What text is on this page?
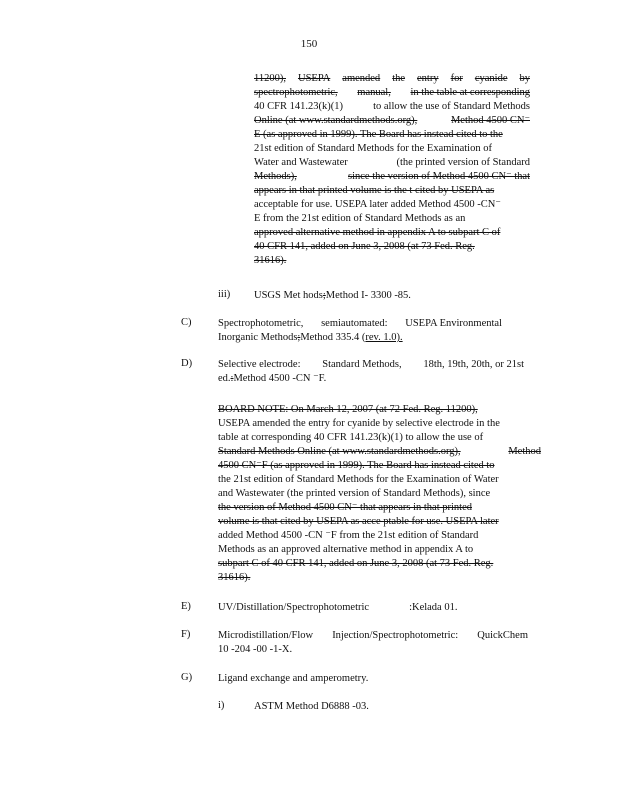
150
11200), USEPA amended the entry for cyanide by
spectrophotometric, manual, in the table at corresponding
40 CFR 141.23(k)(1)	to allow the use of Standard Methods
Online (at www.standardmethods.org),	Method 4500 CN⁻
E (as approved in 1999). The Board has instead cited to the
21st edition of Standard Methods for the Examination of
Water and Wastewater	(the printed version of Standard
Methods),	since the version of Method 4500 CN⁻ that
appears in that printed volume is the t cited by USEPA as
acceptable for use. USEPA later added Method 4500 -CN⁻
E from the 21st edition of Standard Methods as an
approved alternative method in appendix A to subpart C of
40 CFR 141, added on June 3, 2008 (at 73 Fed. Reg.
31616).
iii) USGS Met hods ; Method I- 3300 -85.
C)	Spectrophotometric, semiautomated: USEPA Environmental
Inorganic Methods ; Method 335.4 ( rev. 1.0) .
D) Selective electrode: Standard Methods, 18th, 19th, 20th, or 21st
ed. : Method 4500 -CN ⁻F.
BOARD NOTE: On March 12, 2007 (at 72 Fed. Reg. 11200),
USEPA amended the entry for cyanide by selective electrode in the
table at corresponding 40 CFR 141.23(k)(1) to allow the use of
Standard Methods Online (at www.standardmethods.org),	Method
4500 CN⁻F (as approved in 1999). The Board has instead cited to
the 21st edition of Standard Methods for the Examination of Water
and Wastewater (the printed version of Standard Methods), since
the version of Method 4500 CN⁻ that appears in that printed
volume is that cited by USEPA as acce ptable for use. USEPA later
added Method 4500 -CN ⁻F from the 21st edition of Standard
Methods as an approved alternative method in appendix A to
subpart C of 40 CFR 141, added on June 3, 2008 (at 73 Fed. Reg.
31616).
E)	UV/Distillation/Spectrophotometric	:Kelada 01.
F)	Microdistillation/Flow Injection/Spectrophotometric: QuickChem
10 -204 -00 -1-X.
G) Ligand exchange and amperometry.
i)	ASTM Method D6888 -03.
